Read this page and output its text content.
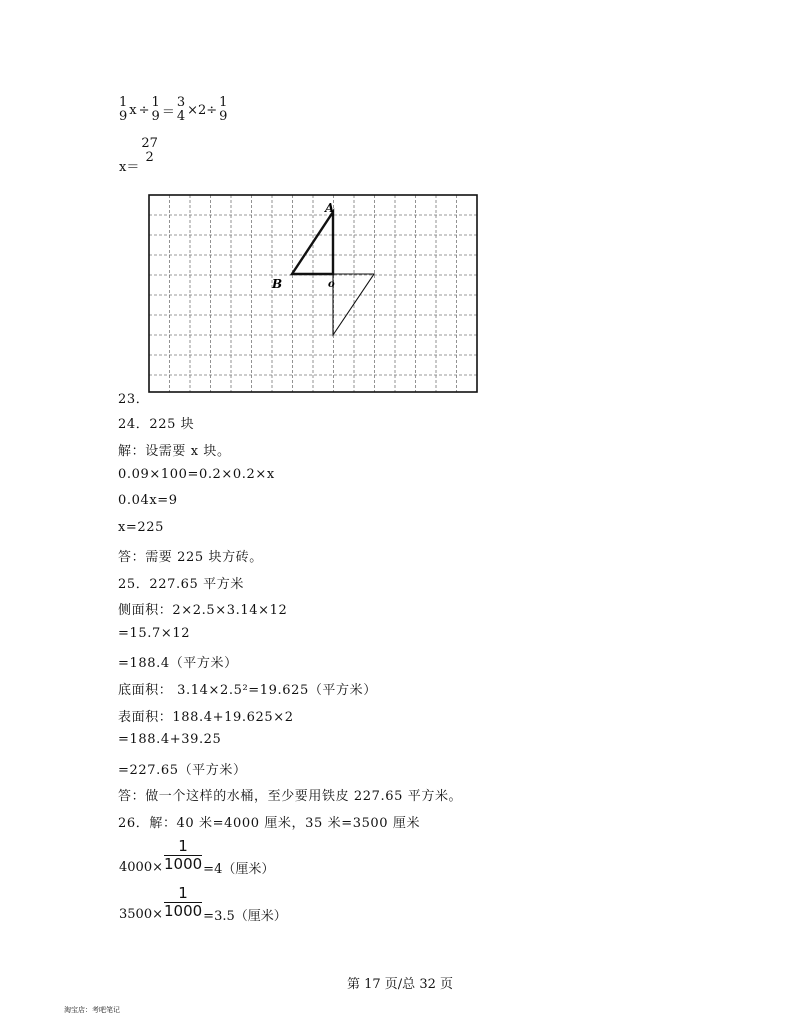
1
9 x ÷ 1
9 ＝
3
4 ×2÷ 1
9
$_{x=}$
27
2
A
B	o
23．
24．225 块
解：设需要 x 块。
0.09×100=0.2×0.2×x
0.04x=9
x=225
答：需要 225 块方砖。
25．227.65 平方米
侧面积：2×2.5×3.14×12
=15.7×12
=188.4（平方米）
底面积： 3.14×2.5²=19.625（平方米）
表面积：188.4+19.625×2
=188.4+39.25
=227.65（平方米）
答：做一个这样的水桶，至少要用铁皮 227.65 平方米。
26．解：40 米=4000 厘米，35 米=3500 厘米
$_{4000\times} \frac{1}{1000} _{=4(厘米)}$
$_{3500\times} \frac{1}{1000} _{=3.5(厘米)}$
第 17 页/总 32 页
淘宝店：考吧笔记
